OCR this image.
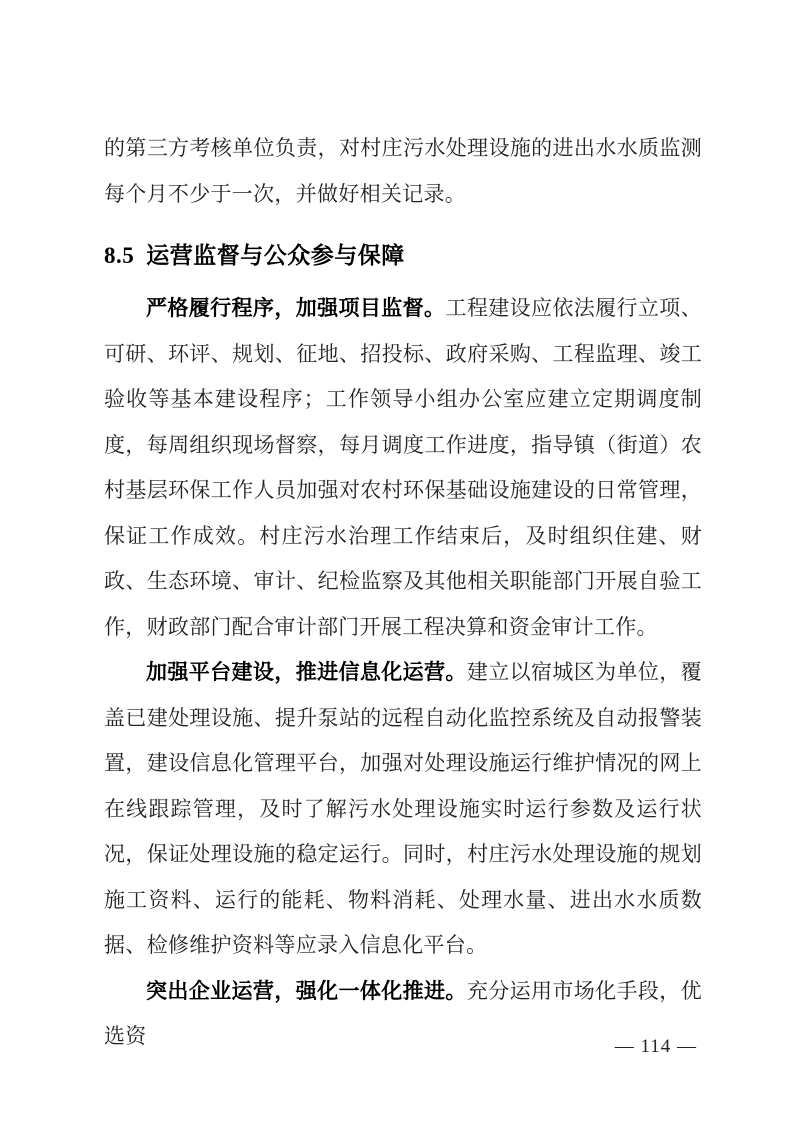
的第三方考核单位负责，对村庄污水处理设施的进出水水质监测每个月不少于一次，并做好相关记录。

8.5 运营监督与公众参与保障

严格履行程序，加强项目监督。工程建设应依法履行立项、可研、环评、规划、征地、招投标、政府采购、工程监理、竣工验收等基本建设程序；工作领导小组办公室应建立定期调度制度，每周组织现场督察，每月调度工作进度，指导镇（街道）农村基层环保工作人员加强对农村环保基础设施建设的日常管理，保证工作成效。村庄污水治理工作结束后，及时组织住建、财政、生态环境、审计、纪检监察及其他相关职能部门开展自验工作，财政部门配合审计部门开展工程决算和资金审计工作。

加强平台建设，推进信息化运营。建立以宿城区为单位，覆盖已建处理设施、提升泵站的远程自动化监控系统及自动报警装置，建设信息化管理平台，加强对处理设施运行维护情况的网上在线跟踪管理，及时了解污水处理设施实时运行参数及运行状况，保证处理设施的稳定运行。同时，村庄污水处理设施的规划施工资料、运行的能耗、物料消耗、处理水量、进出水水质数据、检修维护资料等应录入信息化平台。

突出企业运营，强化一体化推进。充分运用市场化手段，优选资	— 114 —
